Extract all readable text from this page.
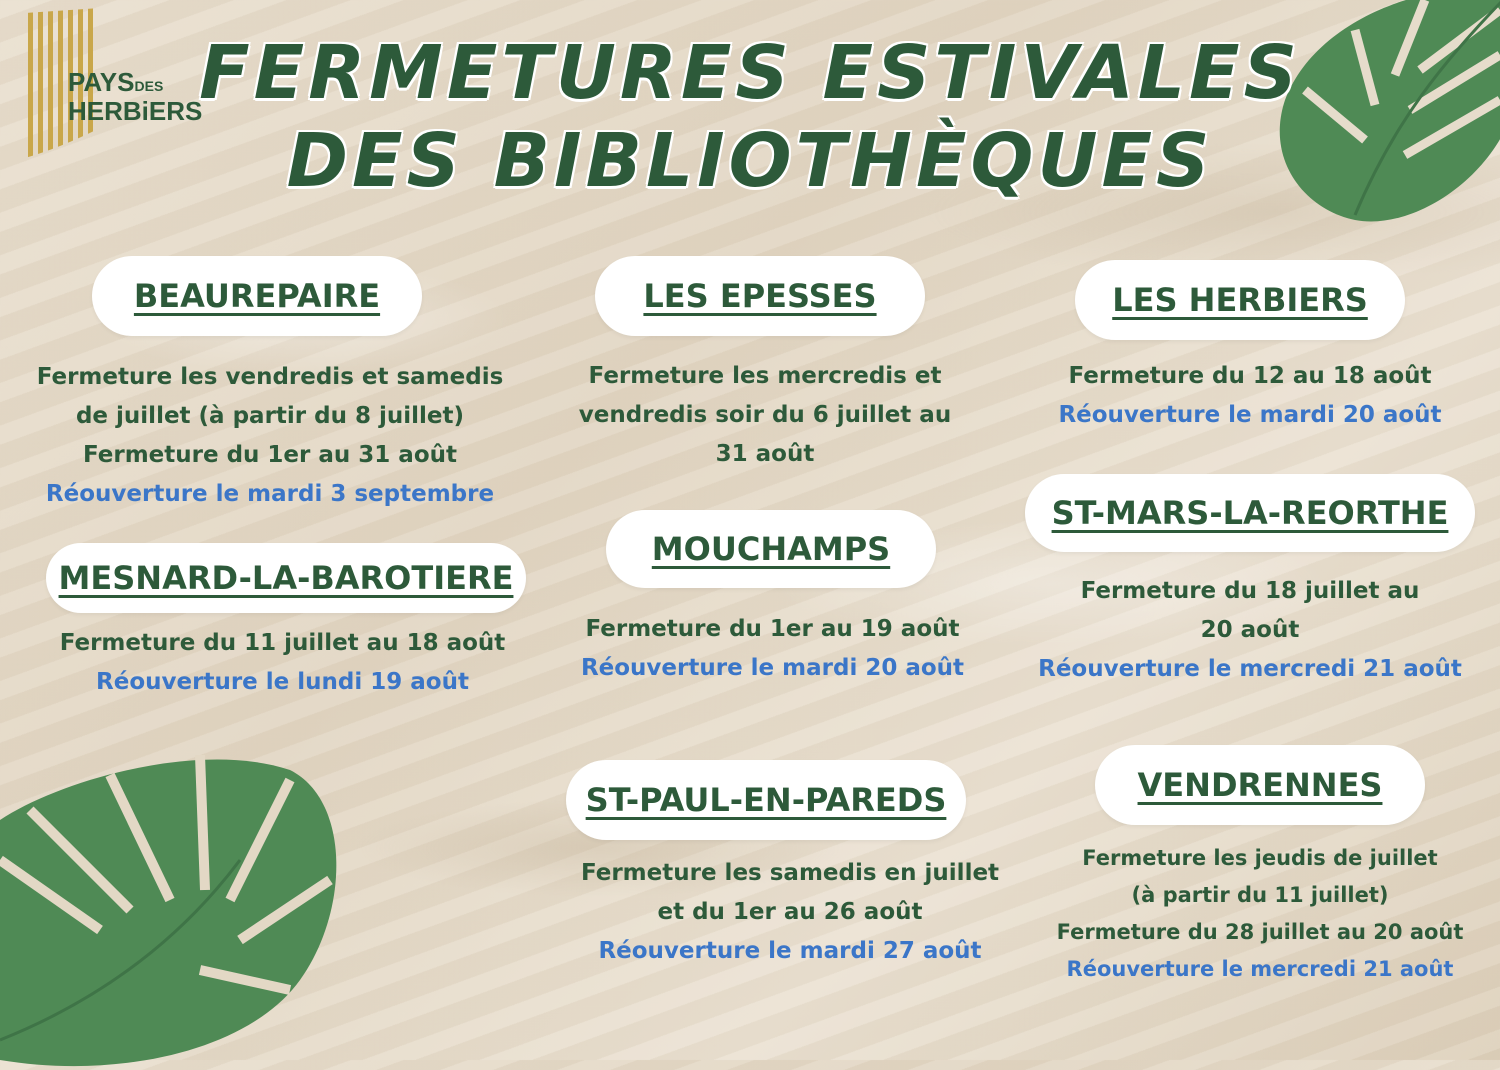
PAYSDES
HERBiERS
FERMETURES ESTIVALES
DES BIBLIOTHÈQUES
BEAUREPAIRE
Fermeture les vendredis et samedis
de juillet (à partir du 8 juillet)
Fermeture du 1er au 31 août
Réouverture le mardi 3 septembre
MESNARD-LA-BAROTIERE
Fermeture du 11 juillet au 18 août
Réouverture le lundi 19 août
LES EPESSES
Fermeture les mercredis et
vendredis soir du 6 juillet au
31 août
MOUCHAMPS
Fermeture du 1er au 19 août
Réouverture le mardi 20 août
ST-PAUL-EN-PAREDS
Fermeture les samedis en juillet
et du 1er au 26 août
Réouverture le mardi 27 août
LES HERBIERS
Fermeture du 12 au 18 août
Réouverture le mardi 20 août
ST-MARS-LA-REORTHE
Fermeture du 18 juillet au
20 août
Réouverture le mercredi 21 août
VENDRENNES
Fermeture les jeudis de juillet
(à partir du 11 juillet)
Fermeture du 28 juillet au 20 août
Réouverture le mercredi 21 août
